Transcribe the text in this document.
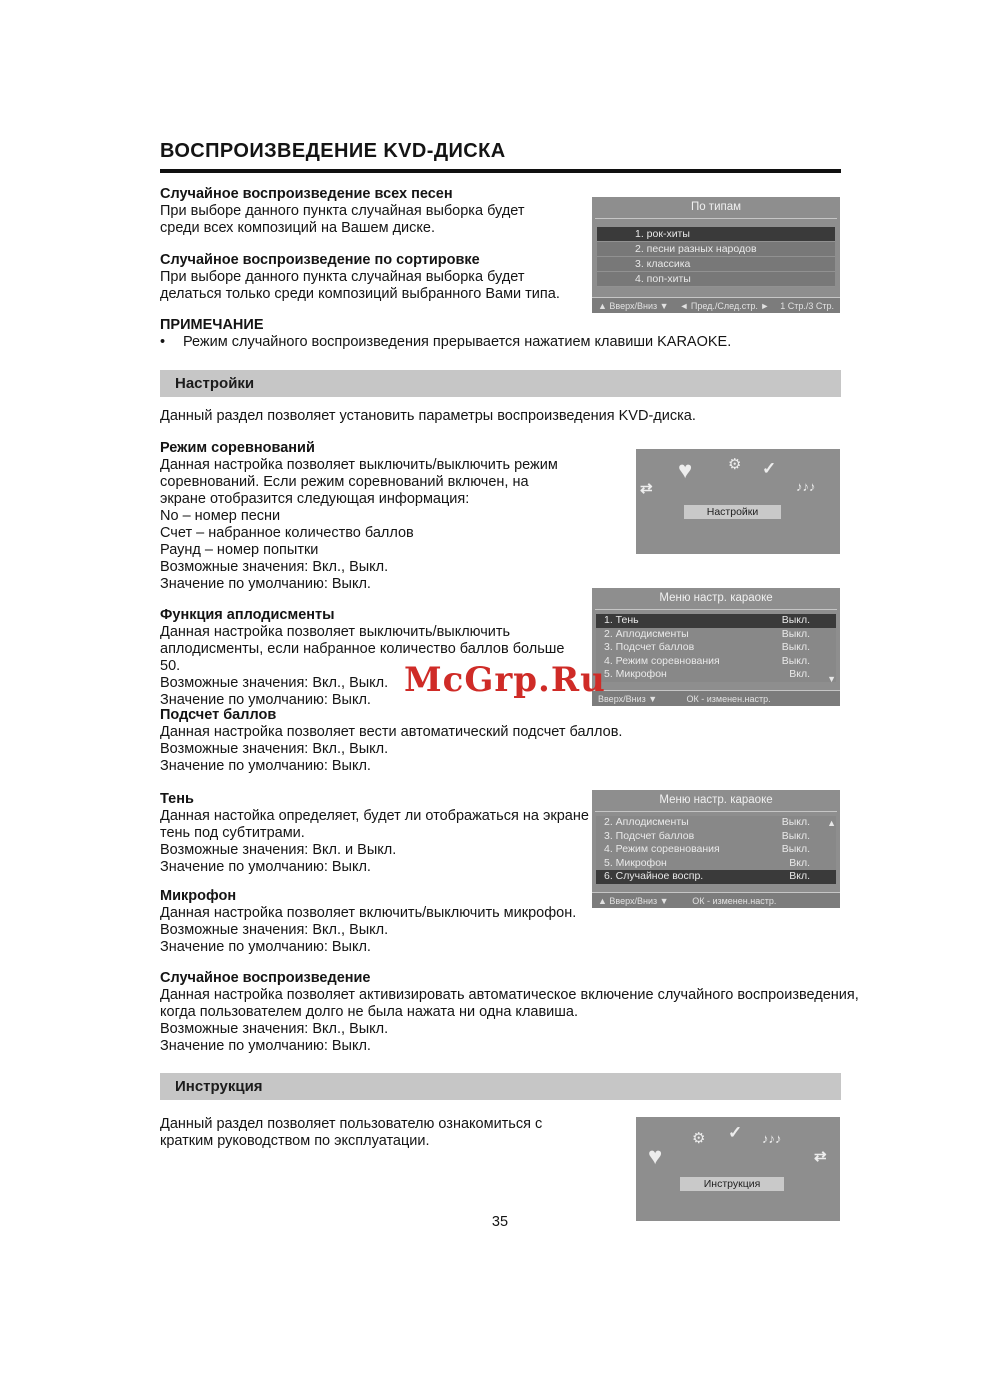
ВОСПРОИЗВЕДЕНИЕ KVD-ДИСКА
Случайное воспроизведение всех песен
При выборе данного пункта случайная выборка будет среди всех композиций на Вашем диске.
Случайное воспроизведение по сортировке
При выборе данного пункта случайная выборка будет делаться только среди композиций выбранного Вами типа.
ПРИМЕЧАНИЕ
•	Режим случайного воспроизведения прерывается нажатием клавиши KARAOKE.
По типам
1. рок-хиты
2. песни разных народов
3. классика
4. поп-хиты
▲ Вверх/Вниз ▼ ◄ Пред./След.стр. ► 1 Стр./3 Стр.
Настройки
Данный раздел позволяет установить параметры воспроизведения KVD-диска.
Режим соревнований
Данная настройка позволяет выключить/выключить режим соревнований. Если режим соревнований включен, на экране отобразится следующая информация:
No – номер песни
Счет – набранное количество баллов
Раунд – номер попытки
Возможные значения: Вкл., Выкл.
Значение по умолчанию: Выкл.
⇄
♥ ⚙ ✓
♪♪♪
Настройки
Функция аплодисменты
Данная настройка позволяет выключить/выключить аплодисменты, если набранное количество баллов больше 50.
Возможные значения: Вкл., Выкл.
Значение по умолчанию: Выкл.
Меню настр. караоке
1. Тень	Выкл.
2. Аплодисменты	Выкл.
3. Подсчет баллов	Выкл.
4. Режим соревнования	Выкл.
5. Микрофон	Вкл. ▼
Вверх/Вниз ▼	ОК - изменен.настр.
McGrp.Ru
Подсчет баллов
Данная настройка позволяет вести автоматический подсчет баллов.
Возможные значения: Вкл., Выкл.
Значение по умолчанию: Выкл.
Тень
Данная настойка определяет, будет ли отображаться на экране тень под субтитрами.
Возможные значения: Вкл. и Выкл.
Значение по умолчанию: Выкл.
Меню настр. караоке
2. Аплодисменты	Выкл.
3. Подсчет баллов	Выкл.
4. Режим соревнования	Выкл.
5. Микрофон	Вкл.
6. Случайное воспр.	Вкл.
▲
▲ Вверх/Вниз ▼	ОК - изменен.настр.
Микрофон
Данная настройка позволяет включить/выключить микрофон.
Возможные значения: Вкл., Выкл.
Значение по умолчанию: Выкл.
Случайное воспроизведение
Данная настройка позволяет активизировать автоматическое включение случайного воспроизведения, когда пользователем долго не была нажата ни одна клавиша.
Возможные значения: Вкл., Выкл.
Значение по умолчанию: Выкл.
Инструкция
Данный раздел позволяет пользователю ознакомиться с кратким руководством по эксплуатации.
♥
⚙ ✓ ♪♪♪
⇄
Инструкция
35
